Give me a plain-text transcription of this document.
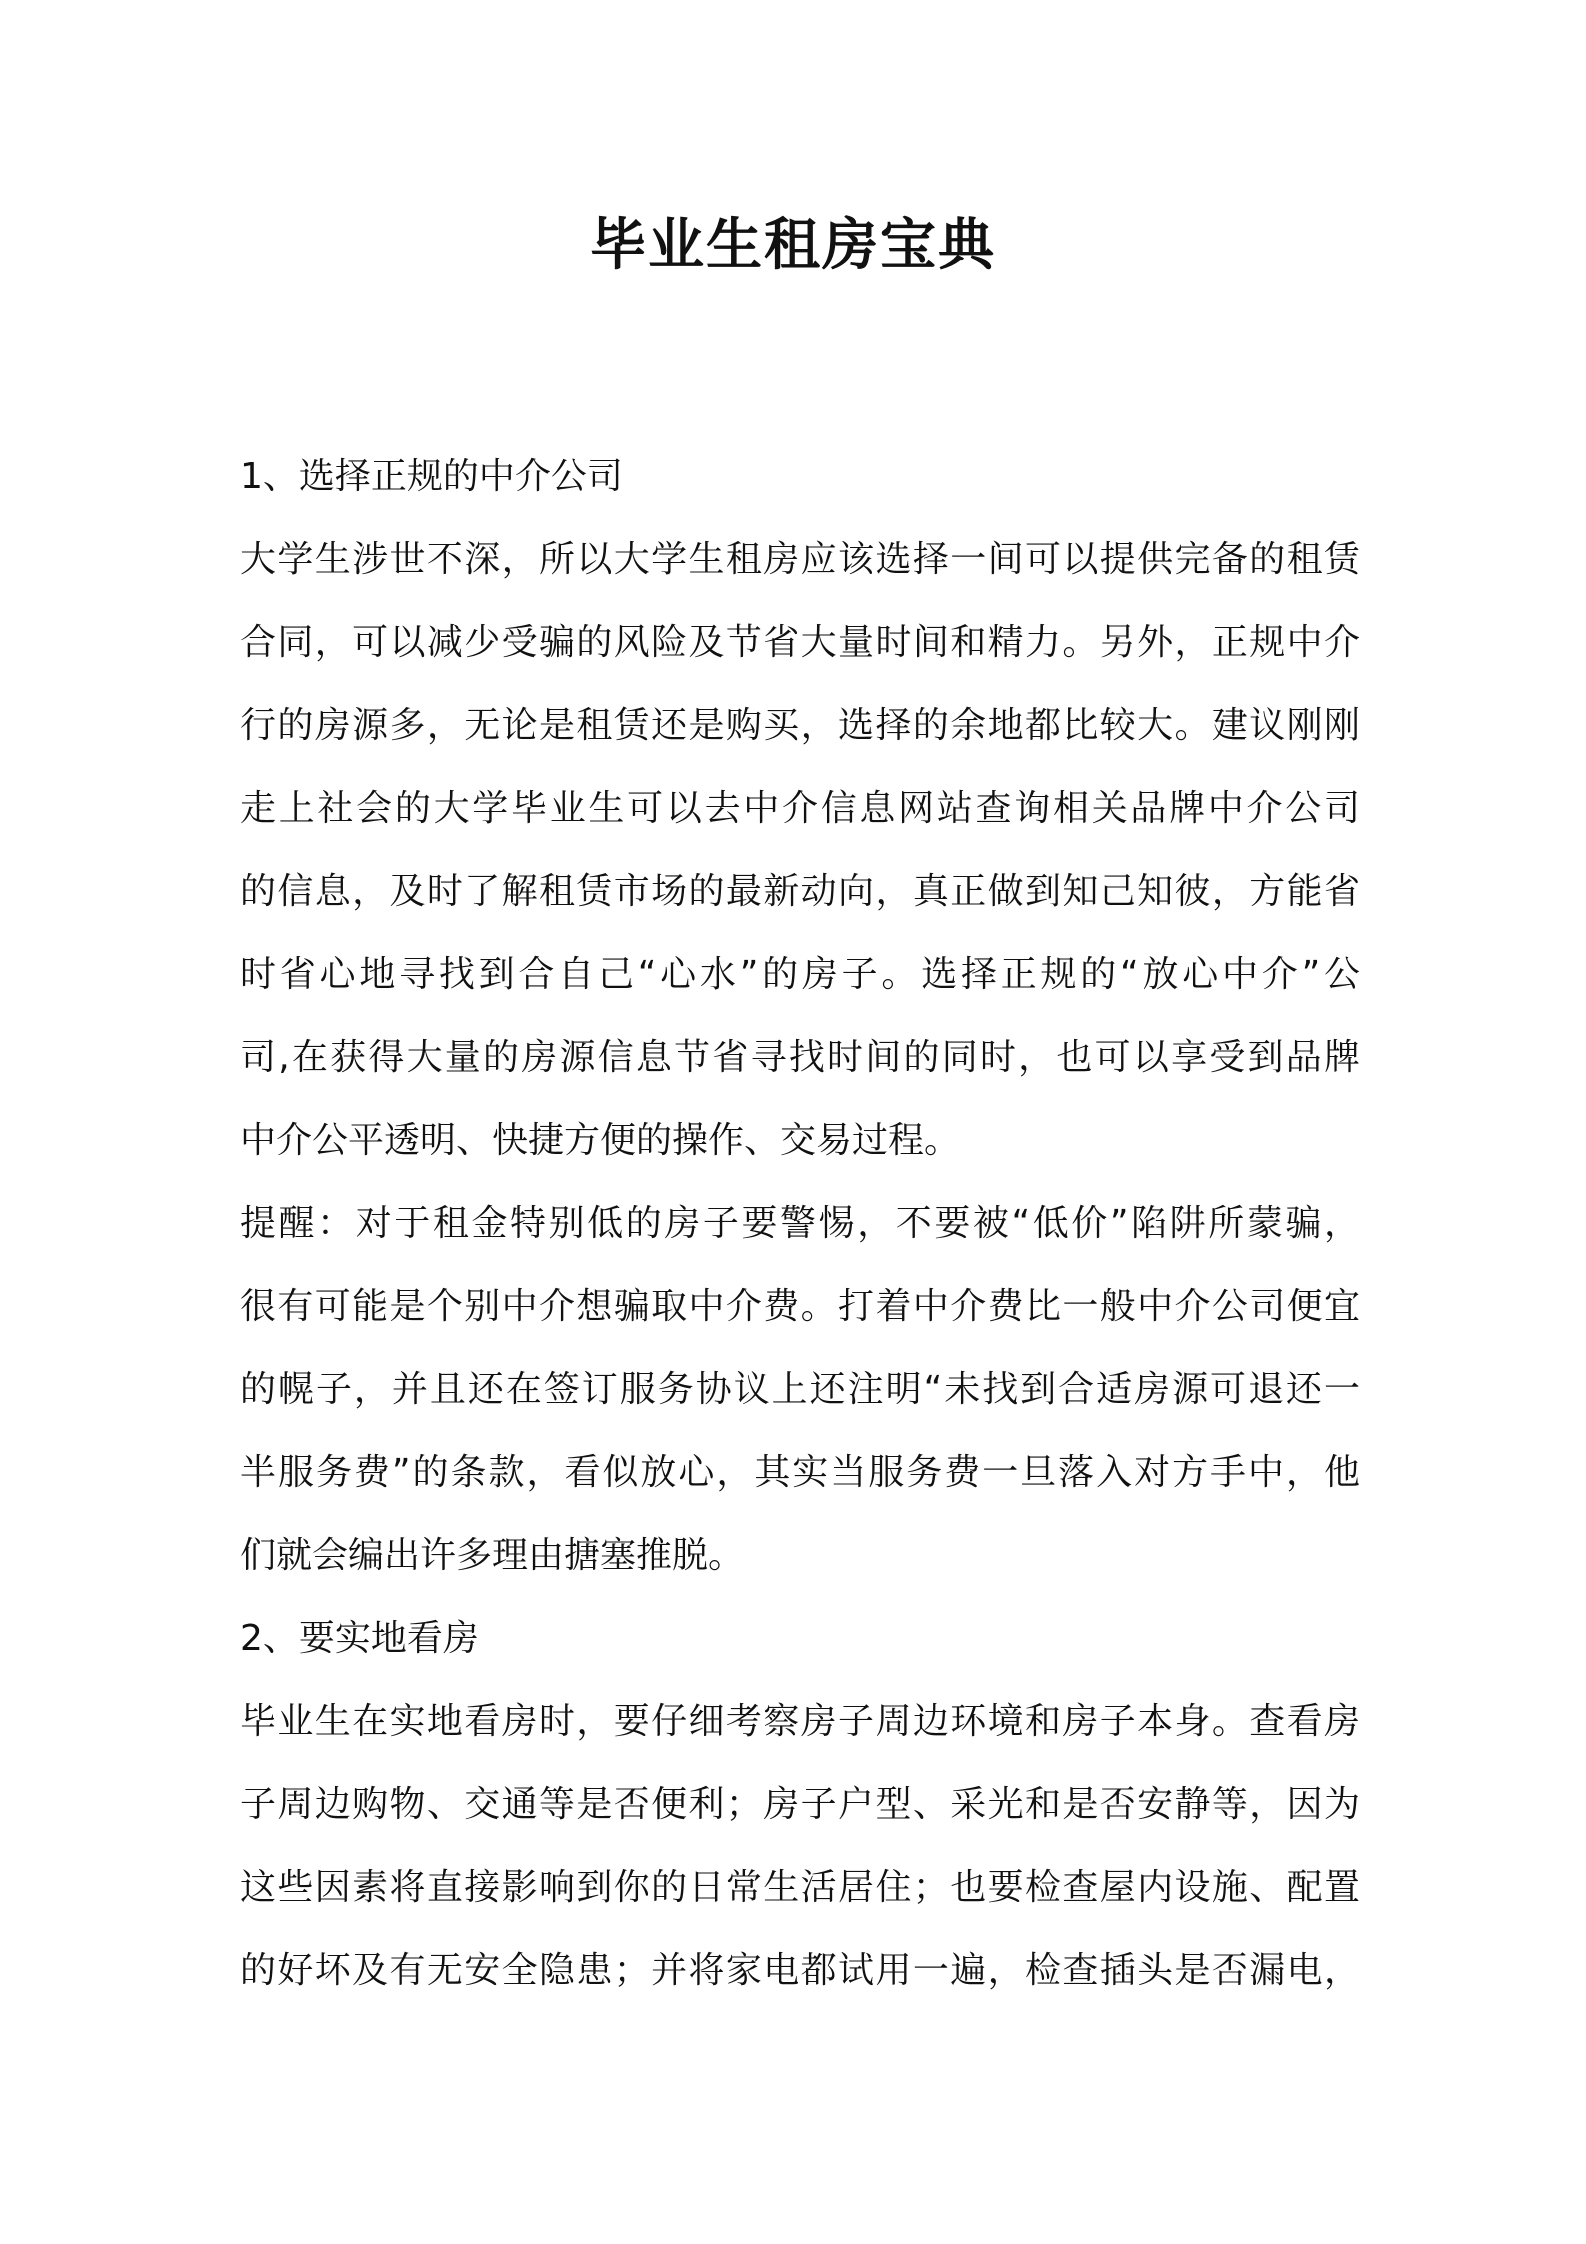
毕业生租房宝典
1、选择正规的中介公司
大学生涉世不深，所以大学生租房应该选择一间可以提供完备的租赁
合同，可以减少受骗的风险及节省大量时间和精力。另外，正规中介
行的房源多，无论是租赁还是购买，选择的余地都比较大。建议刚刚
走上社会的大学毕业生可以去中介信息网站查询相关品牌中介公司
的信息，及时了解租赁市场的最新动向，真正做到知己知彼，方能省
时省心地寻找到合自己“心水”的房子。选择正规的“放心中介”公
司,在获得大量的房源信息节省寻找时间的同时，也可以享受到品牌
中介公平透明、快捷方便的操作、交易过程。
提醒：对于租金特别低的房子要警惕，不要被“低价”陷阱所蒙骗，
很有可能是个别中介想骗取中介费。打着中介费比一般中介公司便宜
的幌子，并且还在签订服务协议上还注明“未找到合适房源可退还一
半服务费”的条款，看似放心，其实当服务费一旦落入对方手中，他
们就会编出许多理由搪塞推脱。
2、要实地看房
毕业生在实地看房时，要仔细考察房子周边环境和房子本身。查看房
子周边购物、交通等是否便利；房子户型、采光和是否安静等，因为
这些因素将直接影响到你的日常生活居住；也要检查屋内设施、配置
的好坏及有无安全隐患；并将家电都试用一遍，检查插头是否漏电，
